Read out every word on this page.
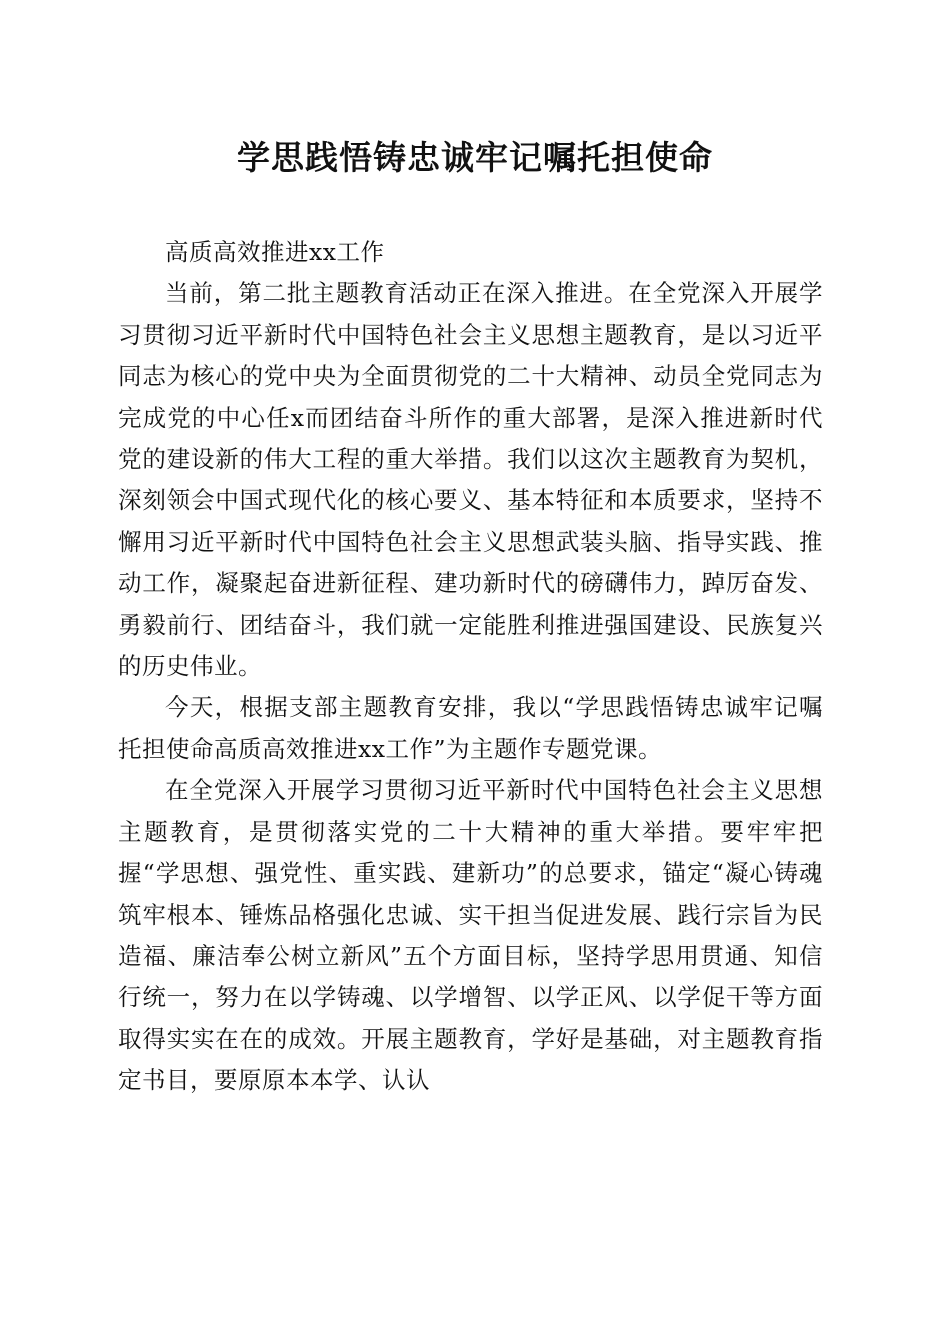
学思践悟铸忠诚牢记嘱托担使命

高质高效推进xx工作

当前，第二批主题教育活动正在深入推进。在全党深入开展学习贯彻习近平新时代中国特色社会主义思想主题教育，是以习近平同志为核心的党中央为全面贯彻党的二十大精神、动员全党同志为完成党的中心任x而团结奋斗所作的重大部署，是深入推进新时代党的建设新的伟大工程的重大举措。我们以这次主题教育为契机，深刻领会中国式现代化的核心要义、基本特征和本质要求，坚持不懈用习近平新时代中国特色社会主义思想武装头脑、指导实践、推动工作，凝聚起奋进新征程、建功新时代的磅礴伟力，踔厉奋发、勇毅前行、团结奋斗，我们就一定能胜利推进强国建设、民族复兴的历史伟业。

今天，根据支部主题教育安排，我以“学思践悟铸忠诚牢记嘱托担使命高质高效推进xx工作”为主题作专题党课。

在全党深入开展学习贯彻习近平新时代中国特色社会主义思想主题教育，是贯彻落实党的二十大精神的重大举措。要牢牢把握“学思想、强党性、重实践、建新功”的总要求，锚定“凝心铸魂筑牢根本、锤炼品格强化忠诚、实干担当促进发展、践行宗旨为民造福、廉洁奉公树立新风”五个方面目标，坚持学思用贯通、知信行统一，努力在以学铸魂、以学增智、以学正风、以学促干等方面取得实实在在的成效。开展主题教育，学好是基础，对主题教育指定书目，要原原本本学、认认
